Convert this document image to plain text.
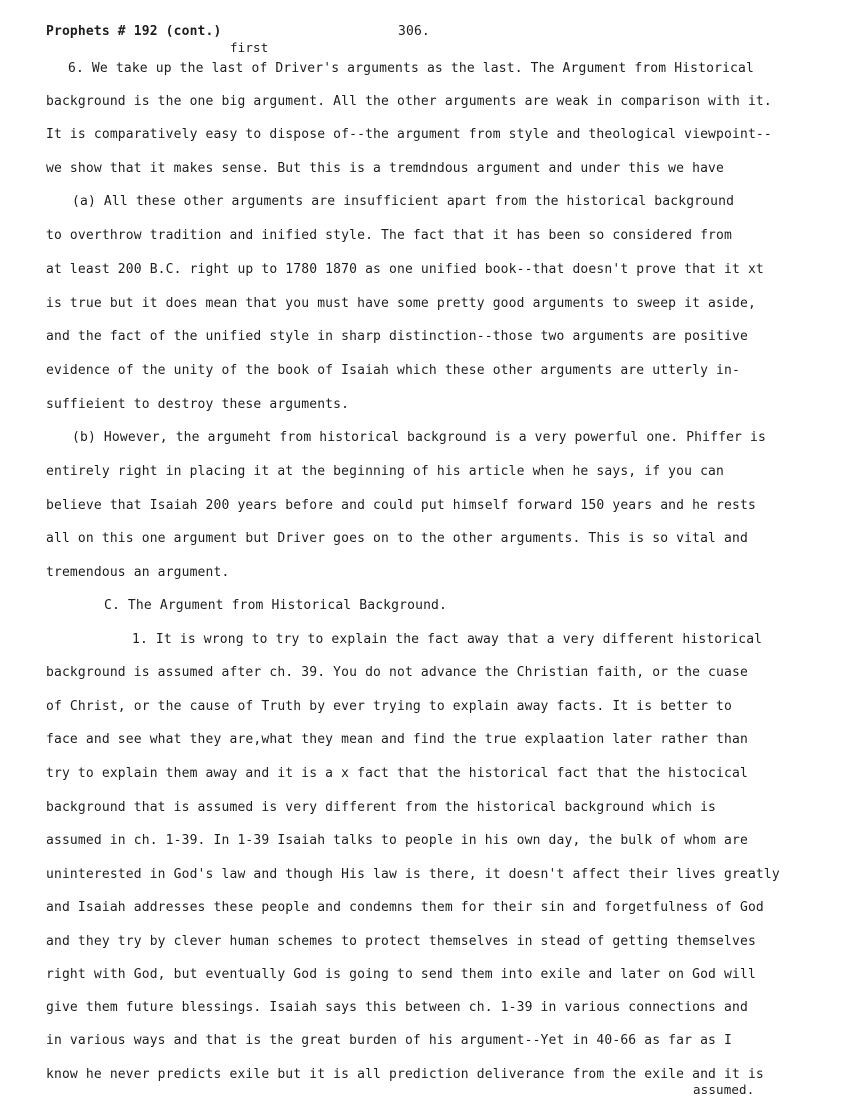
Prophets # 192 (cont.)	306.
first
6. We take up the last of Driver's arguments as the last. The Argument from Historical
background is the one big argument. All the other arguments are weak in comparison with it.
It is comparatively easy to dispose of--the argument from style and theological viewpoint--
we show that it makes sense. But this is a tremdndous argument and under this we have
(a) All these other arguments are insufficient apart from the historical background
to overthrow tradition and inified style. The fact that it has been so considered from
at least 200 B.C. right up to 1780 1870 as one unified book--that doesn't prove that it xt
is true but it does mean that you must have some pretty good arguments to sweep it aside,
and the fact of the unified style in sharp distinction--those two arguments are positive
evidence of the unity of the book of Isaiah which these other arguments are utterly in-
suffieient to destroy these arguments.
(b) However, the argumeht from historical background is a very powerful one. Phiffer is
entirely right in placing it at the beginning of his article when he says, if you can
believe that Isaiah 200 years before and could put himself forward 150 years and he rests
all on this one argument but Driver goes on to the other arguments. This is so vital and
tremendous an argument.
C. The Argument from Historical Background.
1. It is wrong to try to explain the fact away that a very different historical
background is assumed after ch. 39. You do not advance the Christian faith, or the cuase
of Christ, or the cause of Truth by ever trying to explain away facts. It is better to
face and see what they are,what they mean and find the true explaation later rather than
try to explain them away and it is a x fact that the historical fact that the histocical
background that is assumed is very different from the historical background which is
assumed in ch. 1-39. In 1-39 Isaiah talks to people in his own day, the bulk of whom are
uninterested in God's law and though His law is there, it doesn't affect their lives greatly
and Isaiah addresses these people and condemns them for their sin and forgetfulness of God
and they try by clever human schemes to protect themselves in stead of getting themselves
right with God, but eventually God is going to send them into exile and later on God will
give them future blessings. Isaiah says this between ch. 1-39 in various connections and
in various ways and that is the great burden of his argument--Yet in 40-66 as far as I
know he never predicts exile but it is all prediction deliverance from the exile and it is
assumed.
